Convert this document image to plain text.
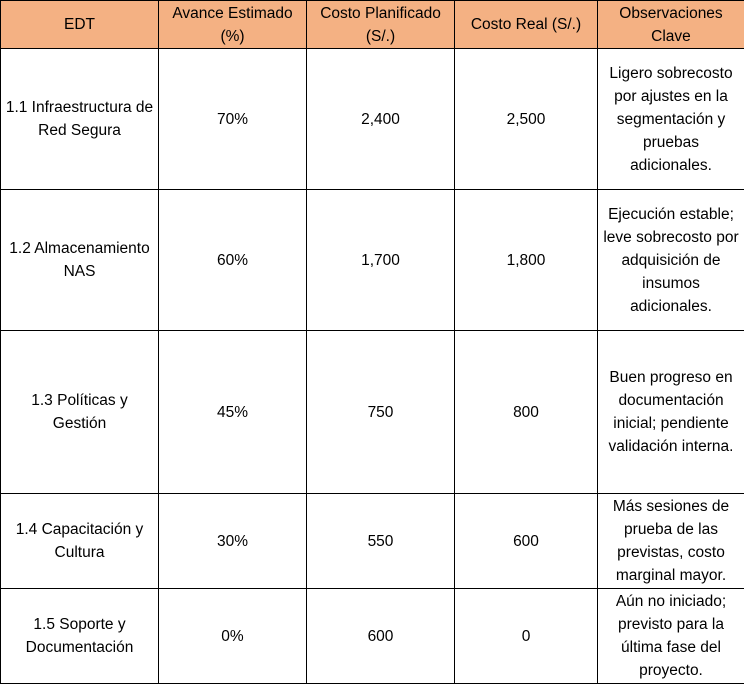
EDT	Avance Estimado (%)	Costo Planificado (S/.)	Costo Real (S/.)	Observaciones Clave
1.1 Infraestructura de Red Segura	70%	2,400	2,500	Ligero sobrecosto por ajustes en la segmentación y pruebas adicionales.
1.2 Almacenamiento NAS	60%	1,700	1,800	Ejecución estable; leve sobrecosto por adquisición de insumos adicionales.
1.3 Políticas y Gestión	45%	750	800	Buen progreso en documentación inicial; pendiente validación interna.
1.4 Capacitación y Cultura	30%	550	600	Más sesiones de prueba de las previstas, costo marginal mayor.
1.5 Soporte y Documentación	0%	600	0	Aún no iniciado; previsto para la última fase del proyecto.
